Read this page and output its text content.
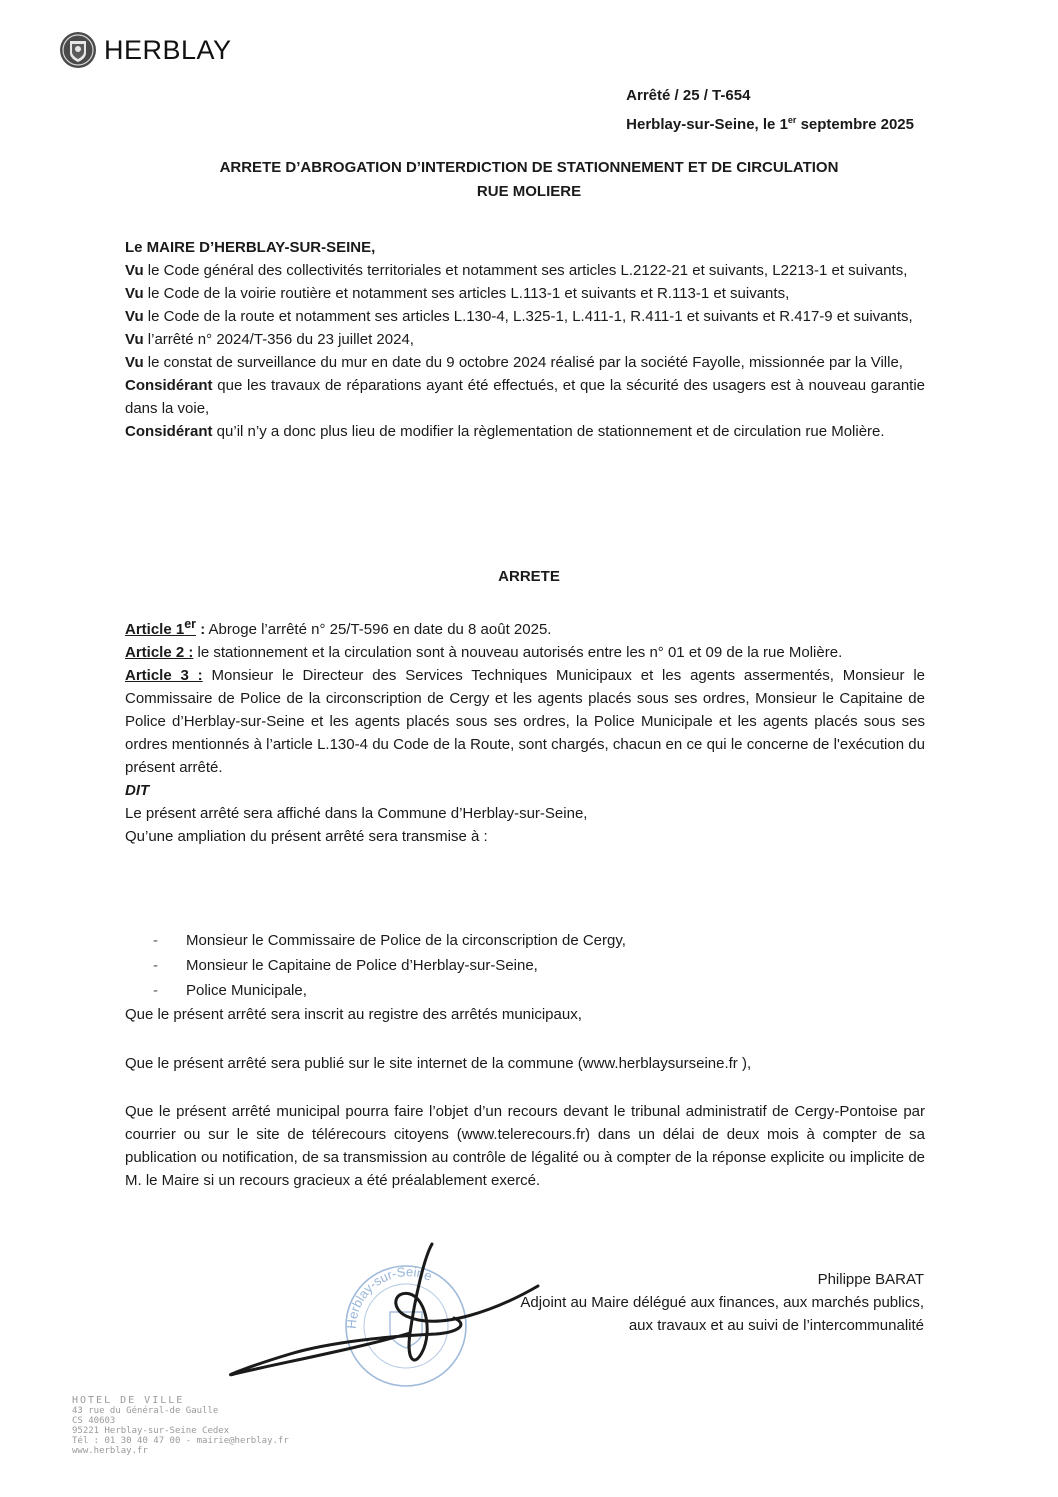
HERBLAY
Arrêté / 25 / T-654
Herblay-sur-Seine, le 1er septembre 2025
ARRETE D’ABROGATION D’INTERDICTION DE STATIONNEMENT ET DE CIRCULATION
RUE MOLIERE

Le MAIRE D’HERBLAY-SUR-SEINE,

Vu le Code général des collectivités territoriales et notamment ses articles L.2122-21 et suivants, L2213-1 et suivants,

Vu le Code de la voirie routière et notamment ses articles L.113-1 et suivants et R.113-1 et suivants,

Vu le Code de la route et notamment ses articles L.130-4, L.325-1, L.411-1, R.411-1 et suivants et R.417-9 et suivants,

Vu l’arrêté n° 2024/T-356 du 23 juillet 2024,

Vu le constat de surveillance du mur en date du 9 octobre 2024 réalisé par la société Fayolle, missionnée par la Ville,

Considérant que les travaux de réparations ayant été effectués, et que la sécurité des usagers est à nouveau garantie dans la voie,

Considérant qu’il n’y a donc plus lieu de modifier la règlementation de stationnement et de circulation rue Molière.

ARRETE

Article 1er : Abroge l’arrêté n° 25/T-596 en date du 8 août 2025.

Article 2 : le stationnement et la circulation sont à nouveau autorisés entre les n° 01 et 09 de la rue Molière.

Article 3 : Monsieur le Directeur des Services Techniques Municipaux et les agents assermentés, Monsieur le Commissaire de Police de la circonscription de Cergy et les agents placés sous ses ordres, Monsieur le Capitaine de Police d’Herblay-sur-Seine et les agents placés sous ses ordres, la Police Municipale et les agents placés sous ses ordres mentionnés à l’article L.130-4 du Code de la Route, sont chargés, chacun en ce qui le concerne de l'exécution du présent arrêté.

DIT

Le présent arrêté sera affiché dans la Commune d’Herblay-sur-Seine,

Qu’une ampliation du présent arrêté sera transmise à :

-	Monsieur le Commissaire de Police de la circonscription de Cergy,
-	Monsieur le Capitaine de Police d’Herblay-sur-Seine,
-	Police Municipale,

Que le présent arrêté sera inscrit au registre des arrêtés municipaux,

Que le présent arrêté sera publié sur le site internet de la commune (www.herblaysurseine.fr ),

Que le présent arrêté municipal pourra faire l’objet d’un recours devant le tribunal administratif de Cergy-Pontoise par courrier ou sur le site de télérecours citoyens (www.telerecours.fr) dans un délai de deux mois à compter de sa publication ou notification, de sa transmission au contrôle de légalité ou à compter de la réponse explicite ou implicite de M. le Maire si un recours gracieux a été préalablement exercé.

Herblay-sur-Seine	Philippe BARAT
Adjoint au Maire délégué aux finances, aux marchés publics,
aux travaux et au suivi de l’intercommunalité
HOTEL DE VILLE
43 rue du Général-de Gaulle
CS 40603
95221 Herblay-sur-Seine Cedex
Tél : 01 30 40 47 00 - mairie@herblay.fr
www.herblay.fr
